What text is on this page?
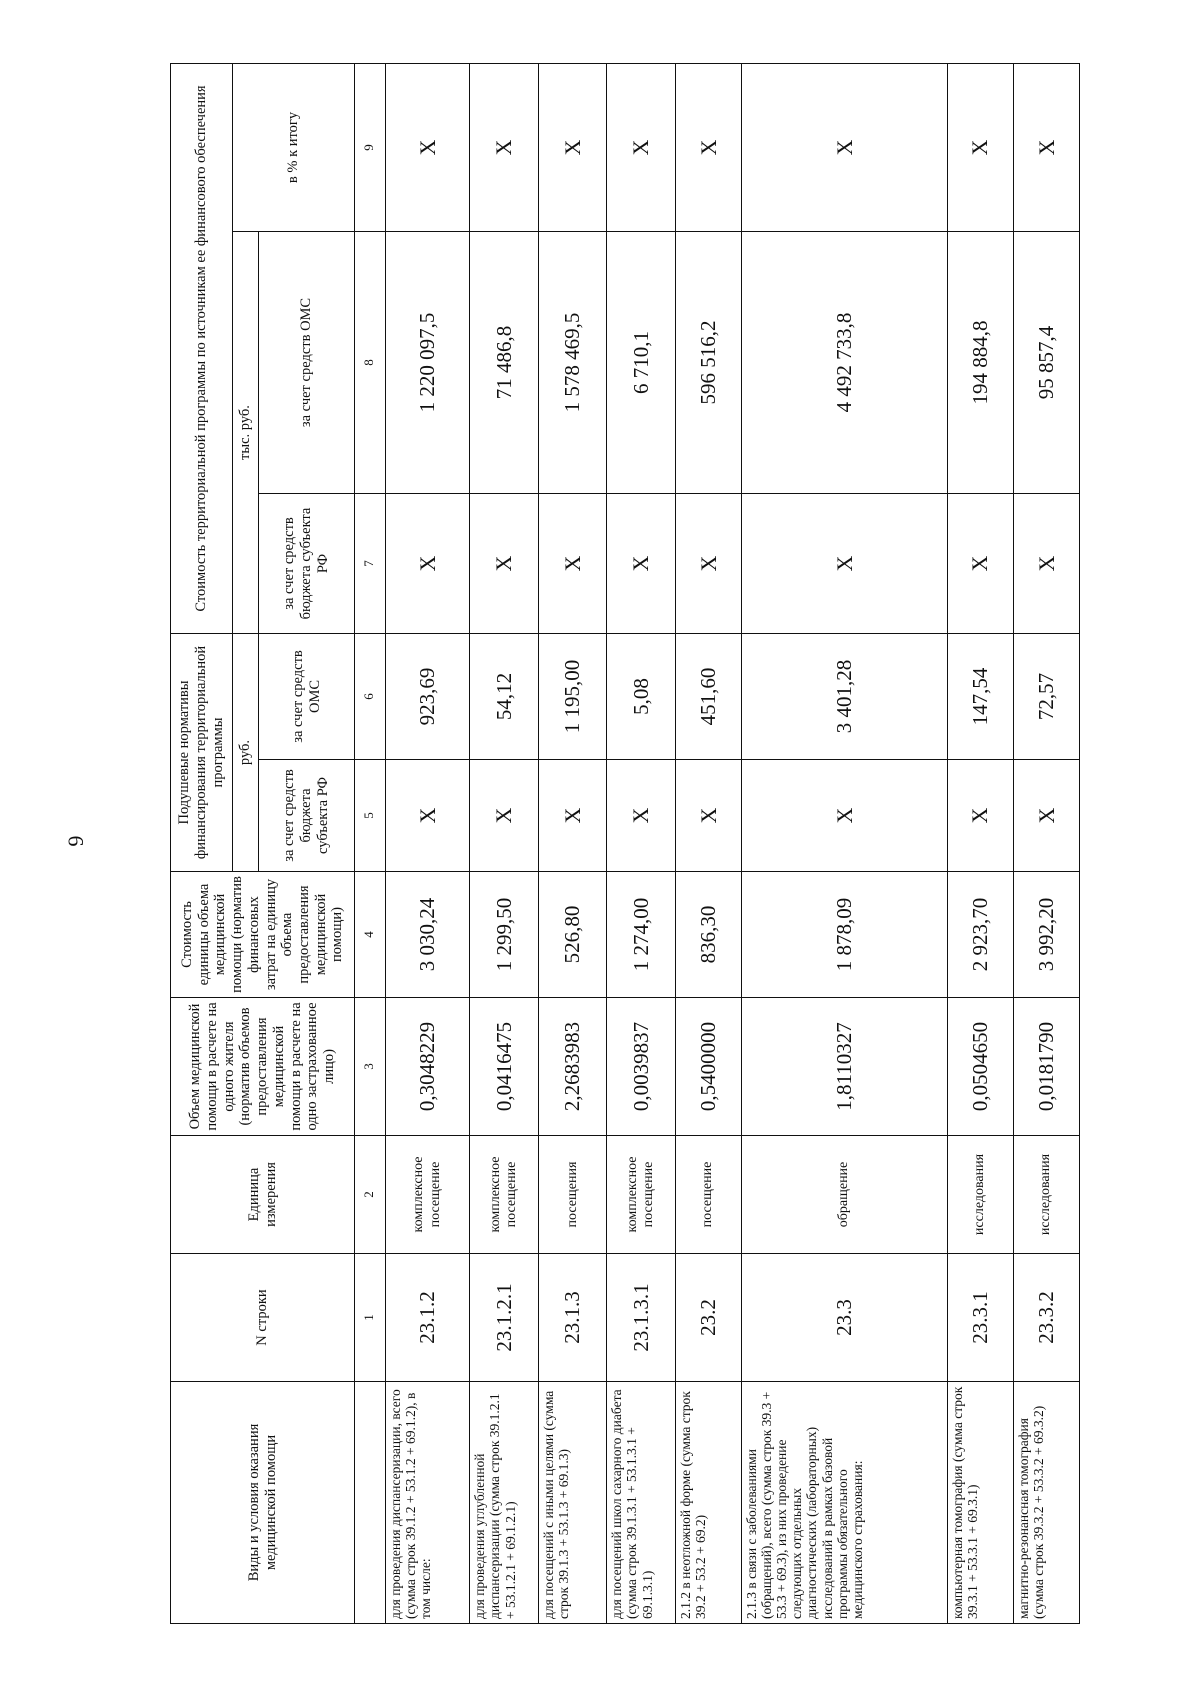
6
Виды и условия оказания медицинской помощи	N строки	Единица измерения	Объем медицинской помощи в расчете на одного жителя (норматив объемов предоставления медицинской помощи в расчете на одно застрахованное лицо)	Стоимость единицы объема медицинской помощи (норматив финансовых затрат на единицу объема предоставления медицинской помощи)	Подушевые нормативы финансирования территориальной программы		Стоимость территориальной программы по источникам ее финансового обеспечения		
					руб.		тыс. руб.		в % к итогу
					за счет средств бюджета субъекта РФ	за счет средств ОМС	за счет средств бюджета субъекта РФ	за счет средств ОМС	
	1	2	3	4	5	6	7	8	9
для проведения диспансеризации, всего (сумма строк 39.1.2 + 53.1.2 + 69.1.2), в том числе:	23.1.2	комплексное посещение	0,3048229	3 030,24	Х	923,69	Х	1 220 097,5	Х
для проведения углубленной диспансеризации (сумма строк 39.1.2.1 + 53.1.2.1 + 69.1.2.1)	23.1.2.1	комплексное посещение	0,0416475	1 299,50	Х	54,12	Х	71 486,8	Х
для посещений с иными целями (сумма строк 39.1.3 + 53.1.3 + 69.1.3)	23.1.3	посещения	2,2683983	526,80	Х	1 195,00	Х	1 578 469,5	Х
для посещений школ сахарного диабета (сумма строк 39.1.3.1 + 53.1.3.1 + 69.1.3.1)	23.1.3.1	комплексное посещение	0,0039837	1 274,00	Х	5,08	Х	6 710,1	Х
2.1.2 в неотложной форме (сумма строк 39.2 + 53.2 + 69.2)	23.2	посещение	0,5400000	836,30	Х	451,60	Х	596 516,2	Х
2.1.3 в связи с заболеваниями (обращений), всего (сумма строк 39.3 + 53.3 + 69.3), из них проведение следующих отдельных диагностических (лабораторных) исследований в рамках базовой программы обязательного медицинского страхования:	23.3	обращение	1,8110327	1 878,09	Х	3 401,28	Х	4 492 733,8	Х
компьютерная томография (сумма строк 39.3.1 + 53.3.1 + 69.3.1)	23.3.1	исследования	0,0504650	2 923,70	Х	147,54	Х	194 884,8	Х
магнитно-резонансная томография (сумма строк 39.3.2 + 53.3.2 + 69.3.2)	23.3.2	исследования	0,0181790	3 992,20	Х	72,57	Х	95 857,4	Х
